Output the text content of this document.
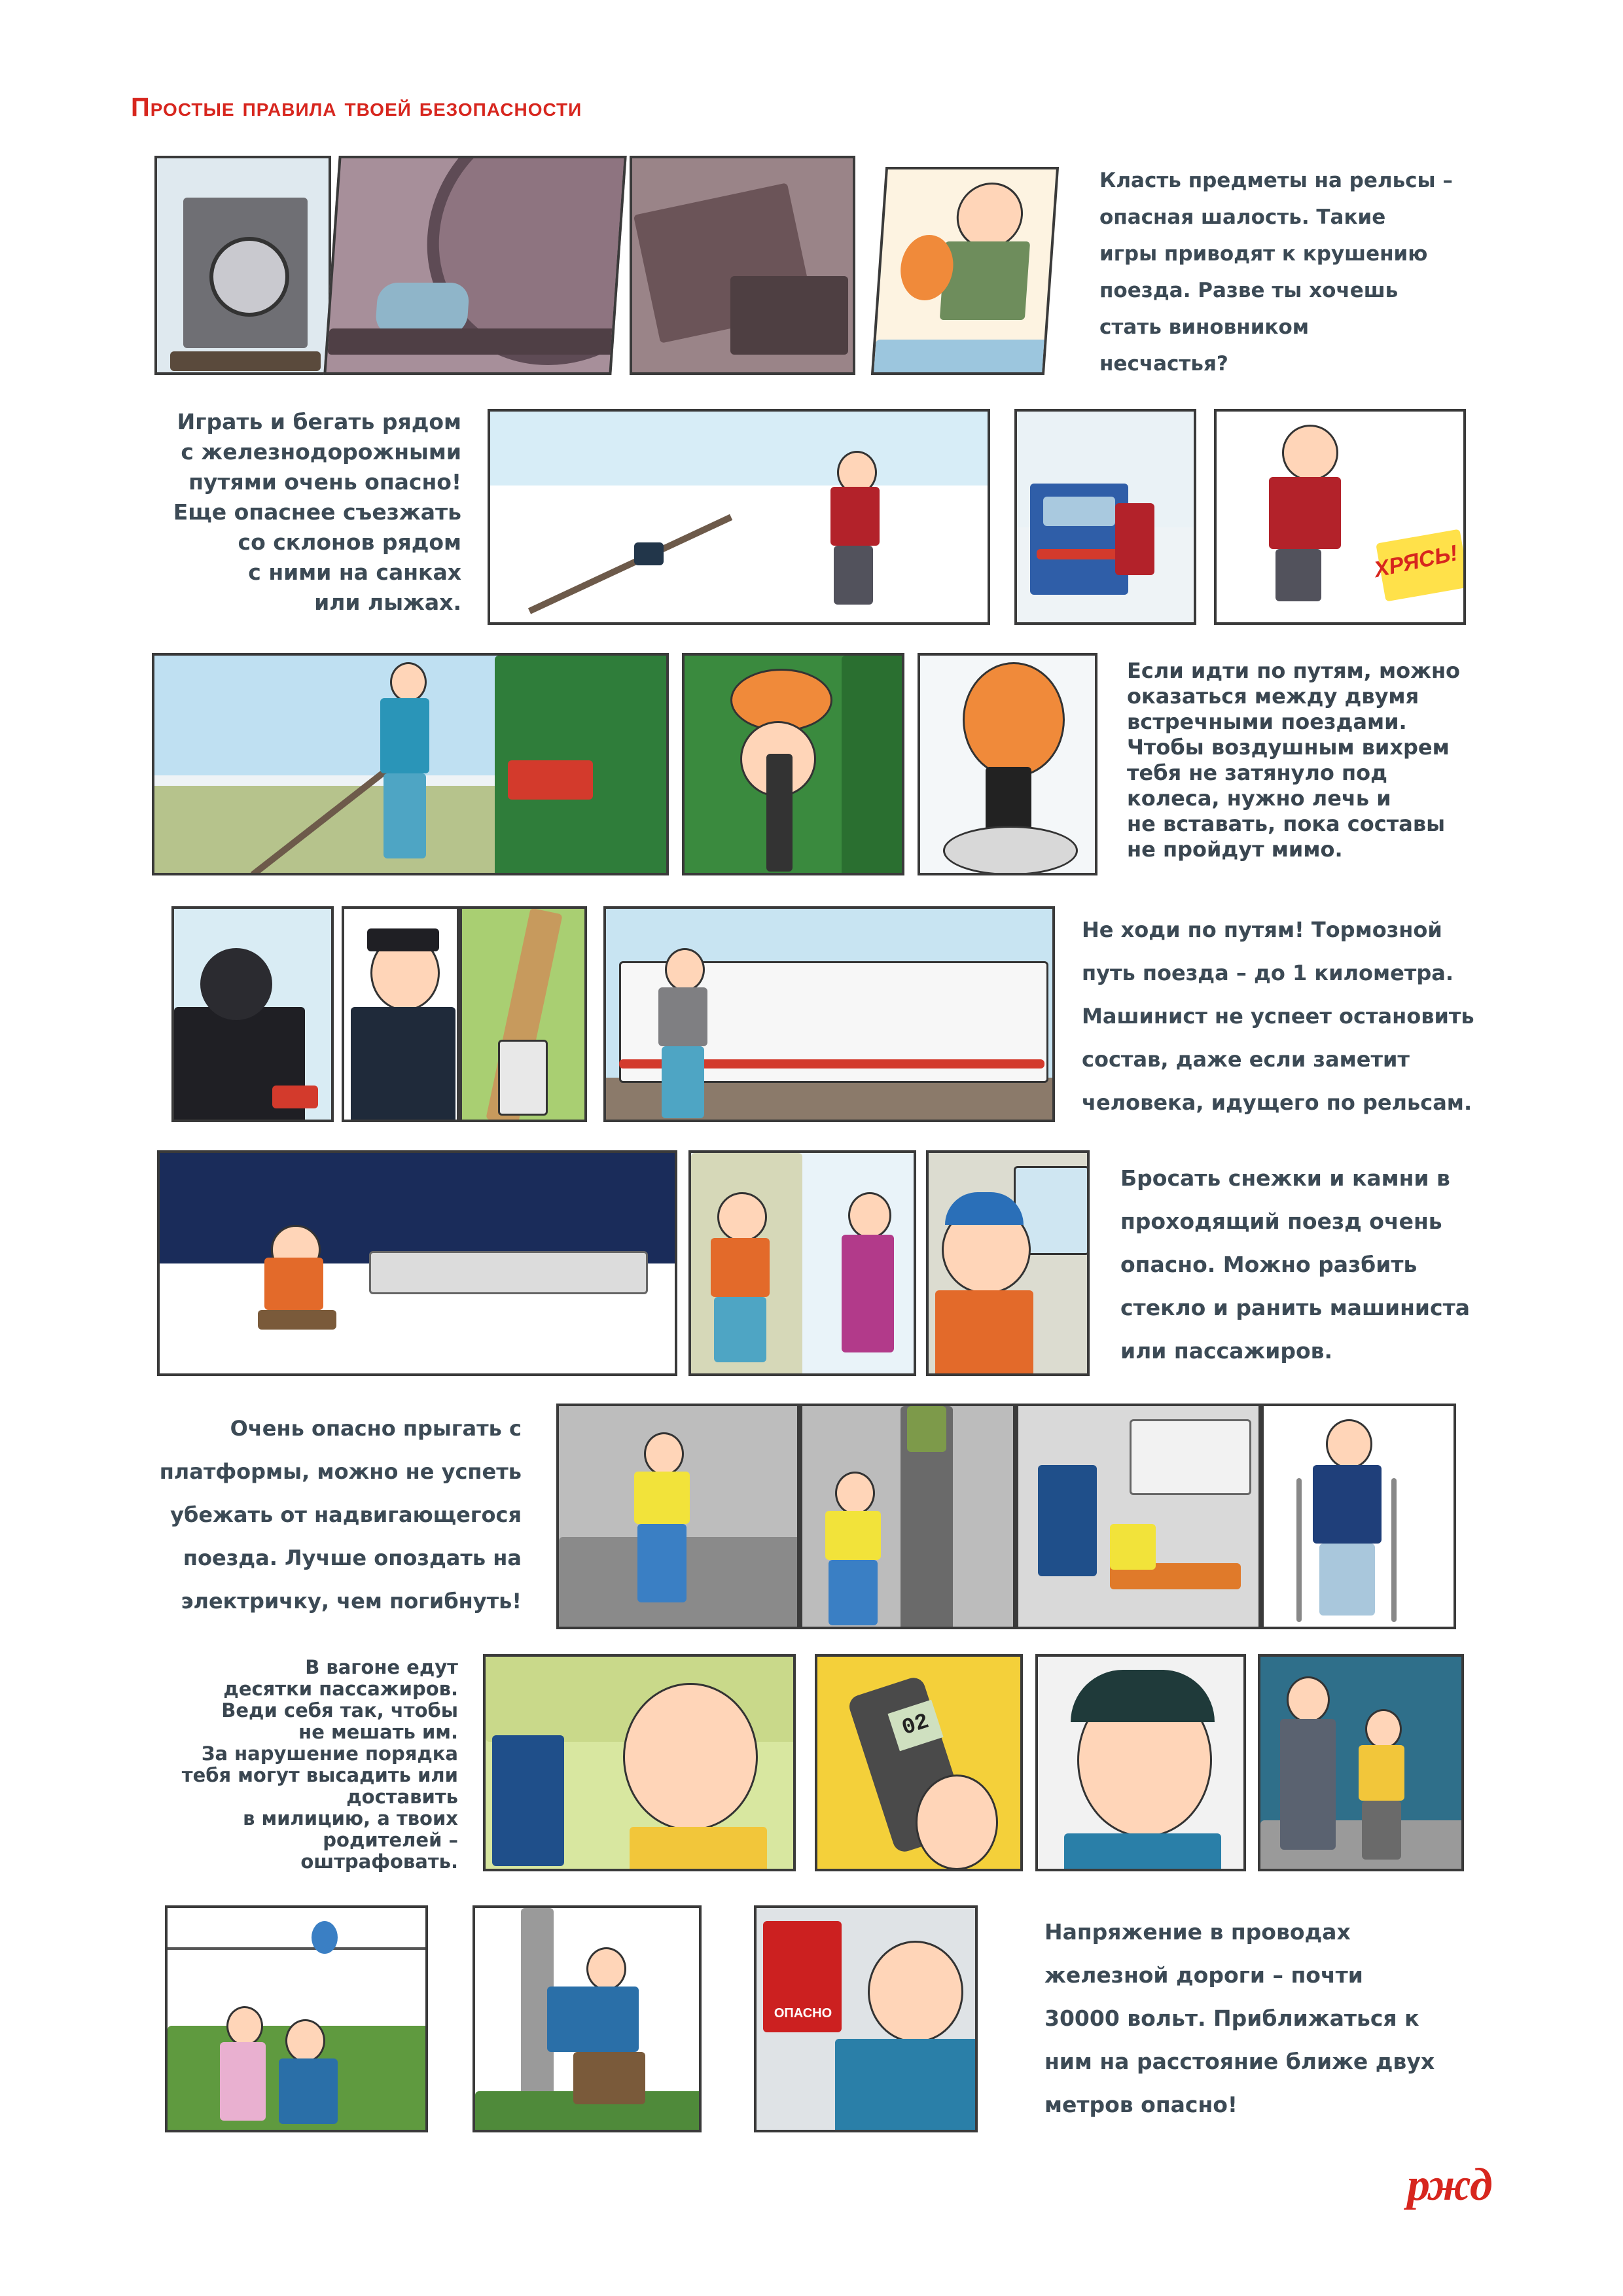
Простые правила твоей безопасности
Класть предметы на рельсы –
опасная шалость. Такие
игры приводят к крушению
поезда. Разве ты хочешь
стать виновником
несчастья?
Играть и бегать рядом
с железнодорожными
путями очень опасно!
Еще опаснее съезжать
со склонов рядом
с ними на санках
или лыжах.
ХРЯСЬ!
Если идти по путям, можно
оказаться между двумя
встречными поездами.
Чтобы воздушным вихрем
тебя не затянуло под
колеса, нужно лечь и
не вставать, пока составы
не пройдут мимо.
Не ходи по путям! Тормозной
путь поезда – до 1 километра.
Машинист не успеет остановить
состав, даже если заметит
человека, идущего по рельсам.
Бросать снежки и камни в
проходящий поезд очень
опасно. Можно разбить
стекло и ранить машиниста
или пассажиров.
Очень опасно прыгать с
платформы, можно не успеть
убежать от надвигающегося
поезда. Лучше опоздать на
электричку, чем погибнуть!
В вагоне едут
десятки пассажиров.
Веди себя так, чтобы
не мешать им.
За нарушение порядка
тебя могут высадить или
доставить
в милицию, а твоих
родителей –
оштрафовать.
02
ОПАСНО
Напряжение в проводах
железной дороги – почти
30000 вольт. Приближаться к
ним на расстояние ближе двух
метров опасно!
ржд
